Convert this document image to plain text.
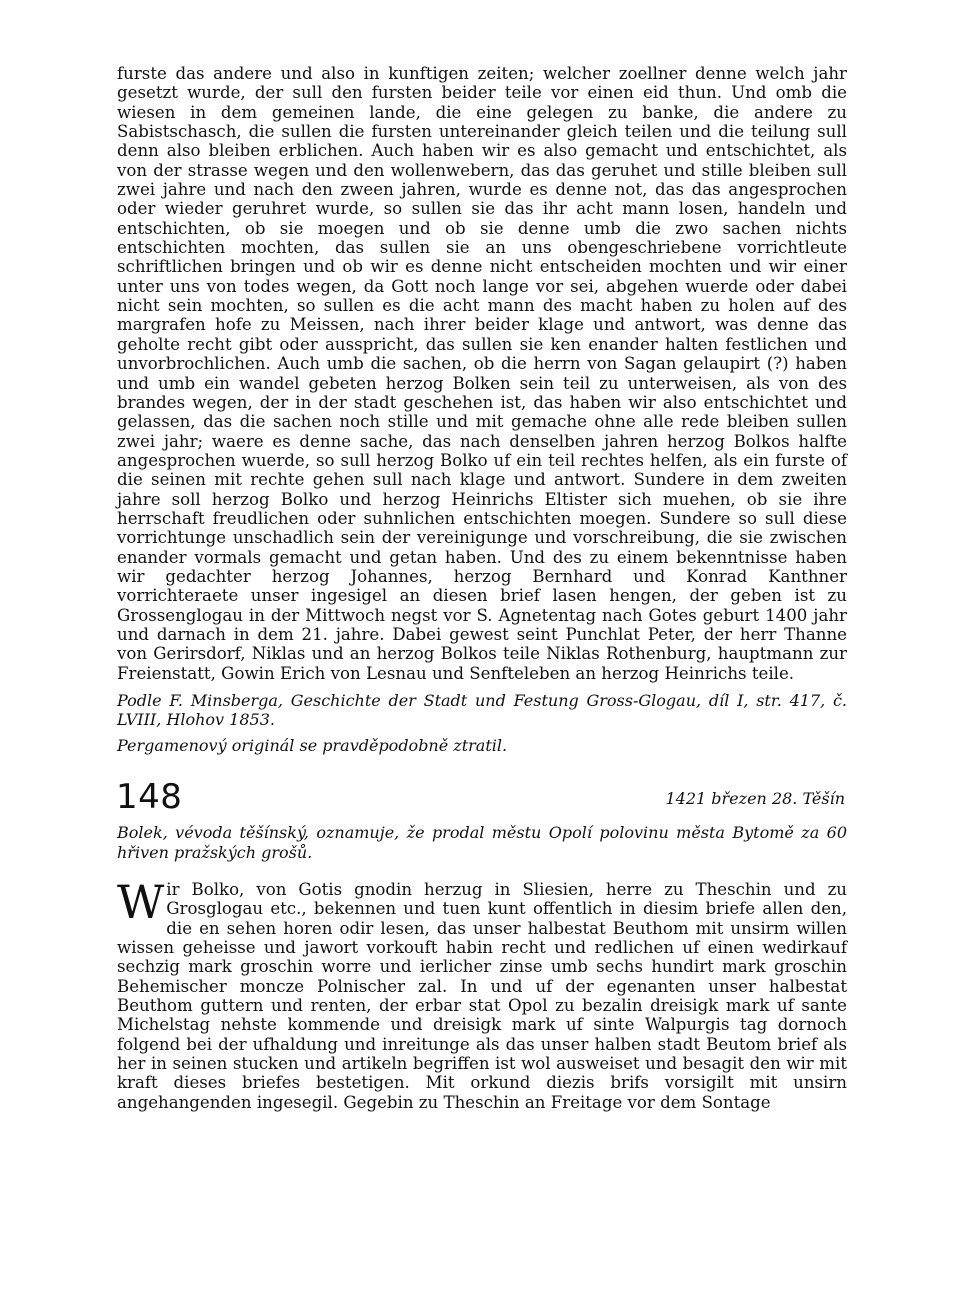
furste das andere und also in kunftigen zeiten; welcher zoellner denne welch jahr gesetzt wurde, der sull den fursten beider teile vor einen eid thun. Und omb die wiesen in dem gemeinen lande, die eine gelegen zu banke, die andere zu Sabistschasch, die sullen die fursten untereinander gleich teilen und die teilung sull denn also bleiben erblichen. Auch haben wir es also gemacht und entschichtet, als von der strasse wegen und den wollenwebern, das das geruhet und stille bleiben sull zwei jahre und nach den zween jahren, wurde es denne not, das das angesprochen oder wieder geruhret wurde, so sullen sie das ihr acht mann losen, handeln und entschichten, ob sie moegen und ob sie denne umb die zwo sachen nichts entschichten mochten, das sullen sie an uns obengeschriebene vorrichtleute schriftlichen bringen und ob wir es denne nicht entscheiden mochten und wir einer unter uns von todes wegen, da Gott noch lange vor sei, abgehen wuerde oder dabei nicht sein mochten, so sullen es die acht mann des macht haben zu holen auf des margrafen hofe zu Meissen, nach ihrer beider klage und antwort, was denne das geholte recht gibt oder ausspricht, das sullen sie ken enander halten festlichen und unvorbrochlichen. Auch umb die sachen, ob die herrn von Sagan gelaupirt (?) haben und umb ein wandel gebeten herzog Bolken sein teil zu unterweisen, als von des brandes wegen, der in der stadt geschehen ist, das haben wir also entschichtet und gelassen, das die sachen noch stille und mit gemache ohne alle rede bleiben sullen zwei jahr; waere es denne sache, das nach denselben jahren herzog Bolkos halfte angesprochen wuerde, so sull herzog Bolko uf ein teil rechtes helfen, als ein furste of die seinen mit rechte gehen sull nach klage und antwort. Sundere in dem zweiten jahre soll herzog Bolko und herzog Heinrichs Eltister sich muehen, ob sie ihre herrschaft freudlichen oder suhnlichen entschichten moegen. Sundere so sull diese vorrichtunge unschadlich sein der vereinigunge und vorschreibung, die sie zwischen enander vormals gemacht und getan haben. Und des zu einem bekenntnisse haben wir gedachter herzog Johannes, herzog Bernhard und Konrad Kanthner vorrichteraete unser ingesigel an diesen brief lasen hengen, der geben ist zu Grossenglogau in der Mittwoch negst vor S. Agnetentag nach Gotes geburt 1400 jahr und darnach in dem 21. jahre. Dabei gewest seint Punchlat Peter, der herr Thanne von Gerirsdorf, Niklas und an herzog Bolkos teile Niklas Rothenburg, hauptmann zur Freienstatt, Gowin Erich von Lesnau und Senfteleben an herzog Heinrichs teile.

Podle F. Minsberga, Geschichte der Stadt und Festung Gross-Glogau, díl I, str. 417, č. LVIII, Hlohov 1853.

Pergamenový originál se pravděpodobně ztratil.

148	1421 březen 28. Těšín

Bolek, vévoda těšínský, oznamuje, že prodal městu Opolí polovinu města Bytomě za 60 hřiven pražských grošů.

W ir Bolko, von Gotis gnodin herzug in Sliesien, herre zu Theschin und zu Grosglogau etc., bekennen und tuen kunt offentlich in diesim briefe allen den, die en sehen horen odir lesen, das unser halbestat Beuthom mit unsirm willen wissen geheisse und jawort vorkouft habin recht und redlichen uf einen wedirkauf sechzig mark groschin worre und ierlicher zinse umb sechs hundirt mark groschin Behemischer moncze Polnischer zal. In und uf der egenanten unser halbestat Beuthom guttern und renten, der erbar stat Opol zu bezalin dreisigk mark uf sante Michelstag nehste kommende und dreisigk mark uf sinte Walpurgis tag dornoch folgend bei der ufhaldung und inreitunge als das unser halben stadt Beutom brief als her in seinen stucken und artikeln begriffen ist wol ausweiset und besagit den wir mit kraft dieses briefes bestetigen. Mit orkund diezis brifs vorsigilt mit unsirn angehangenden ingesegil. Gegebin zu Theschin an Freitage vor dem Sontage
